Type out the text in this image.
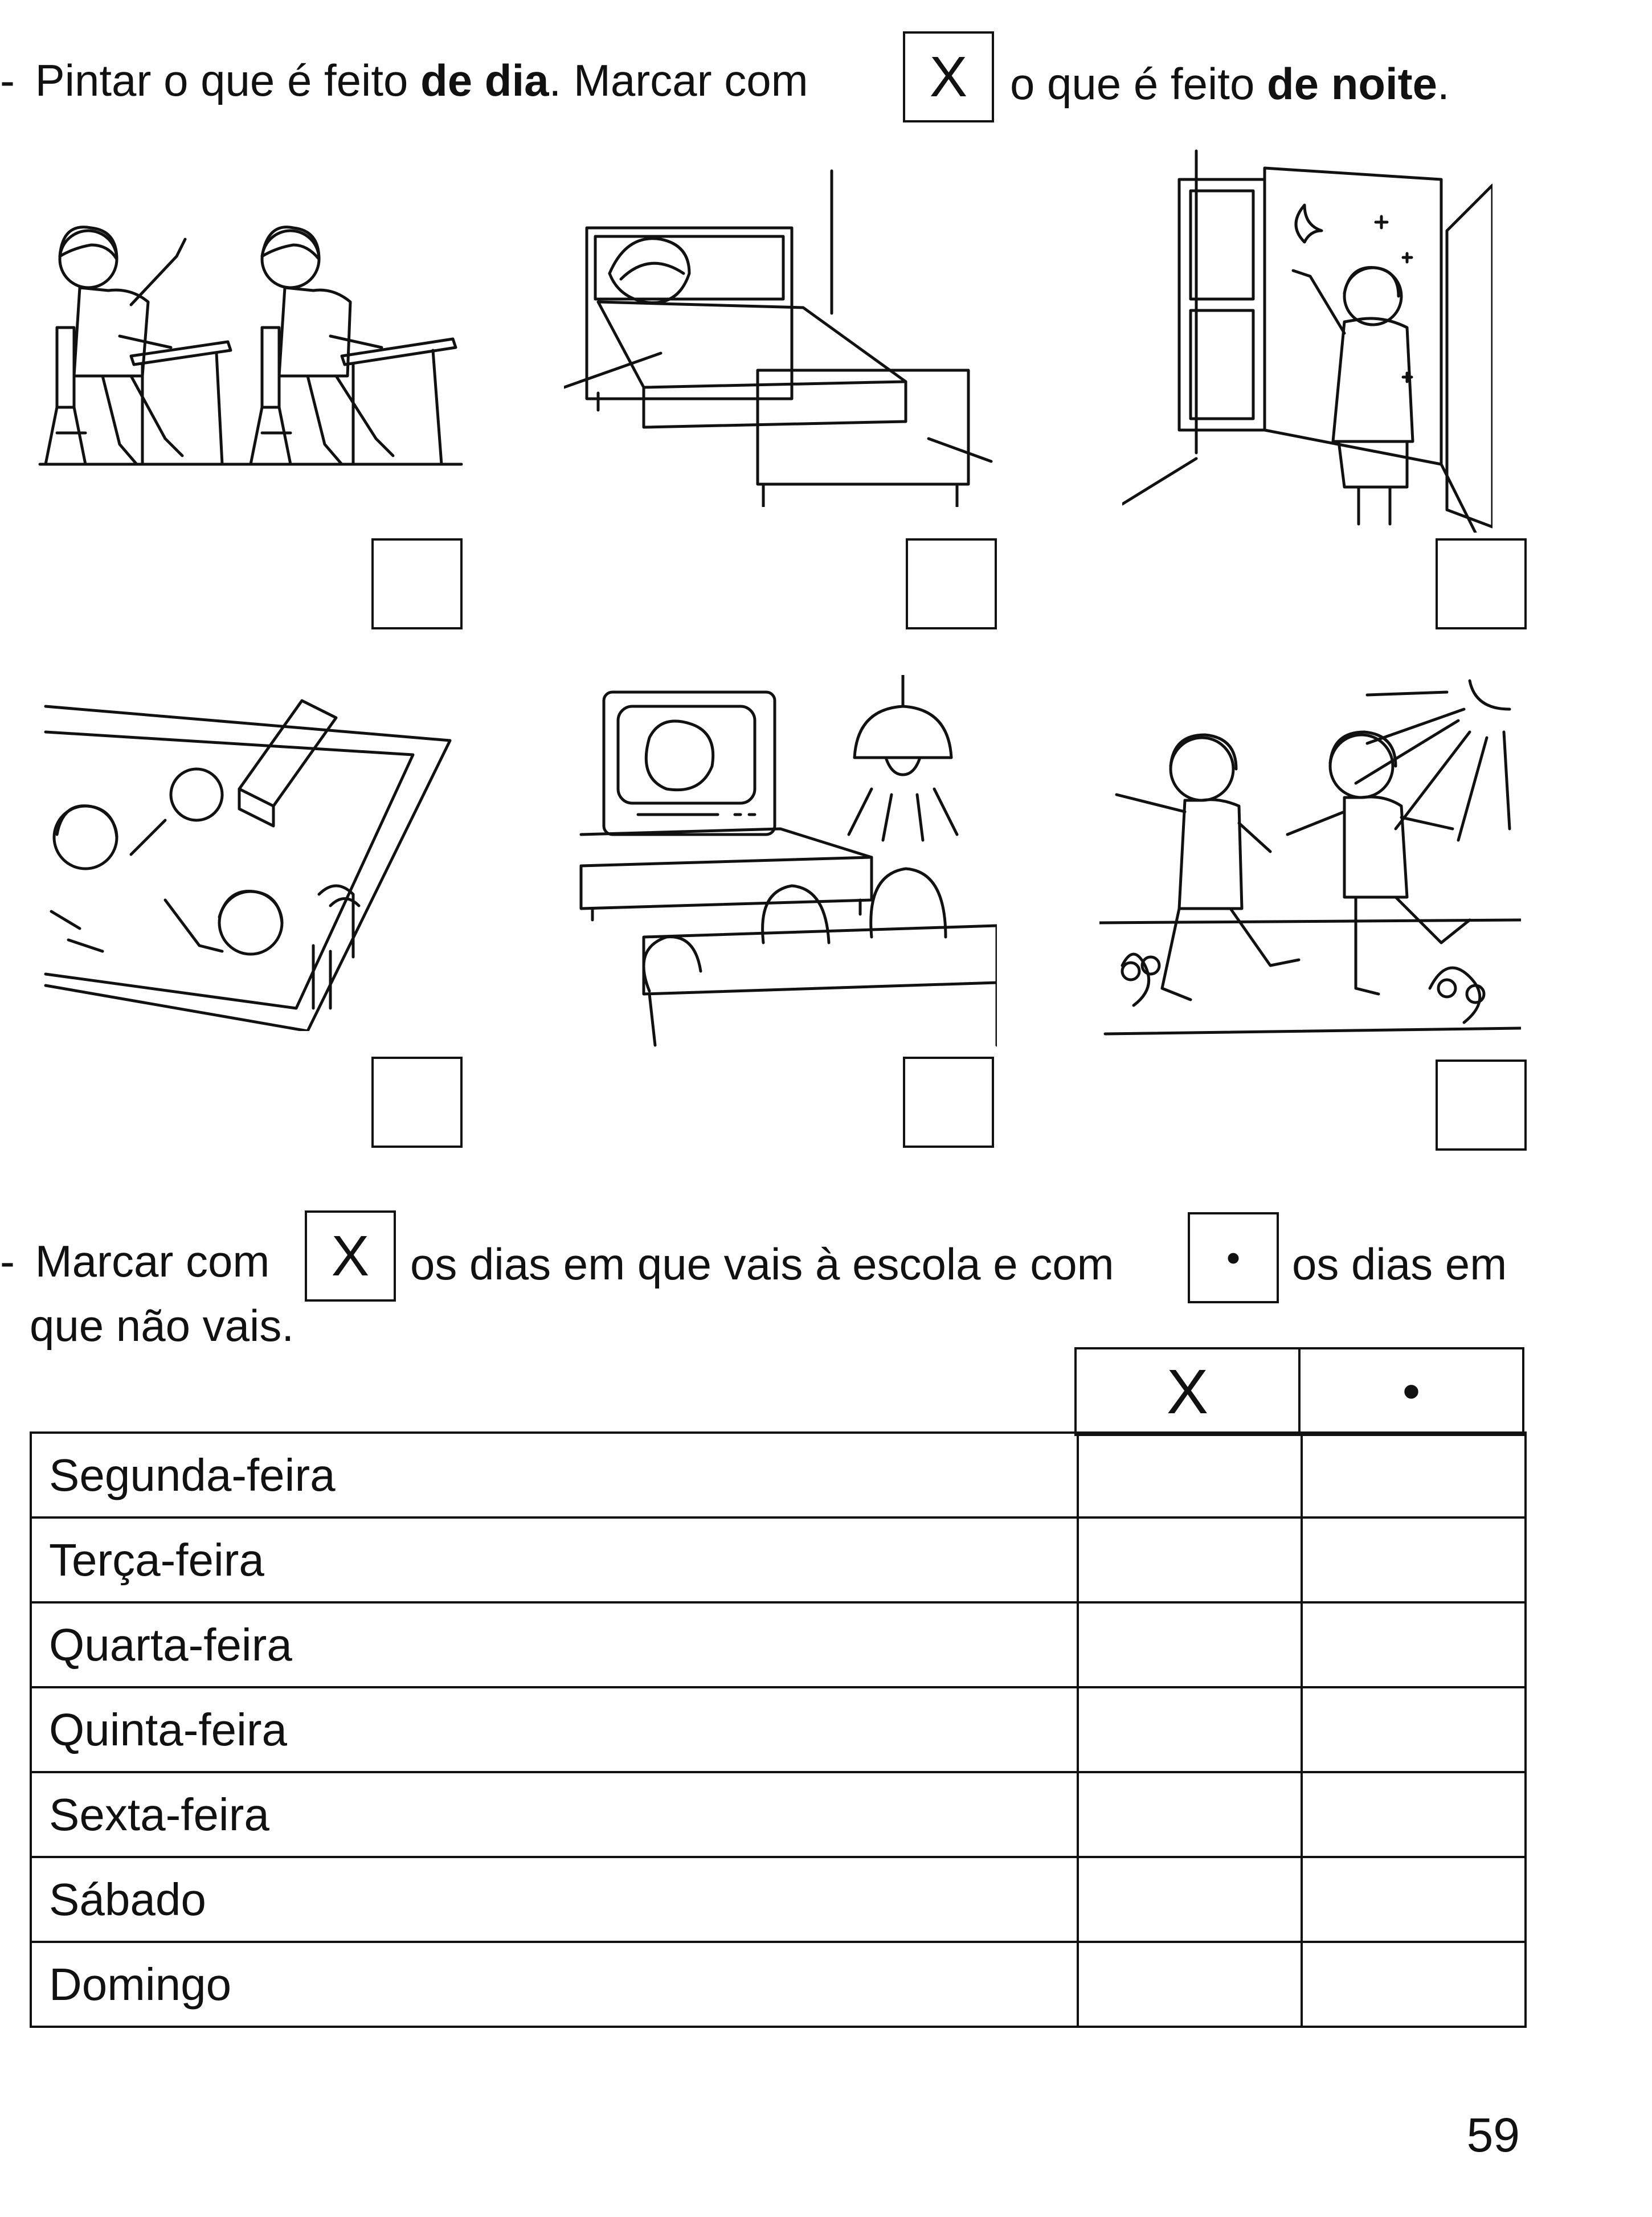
- Pintar o que é feito de dia. Marcar com X o que é feito de noite.
- Marcar com X os dias em que vais à escola e com	• os dias em
que não vais.
X	•
Segunda-feira		
Terça-feira		
Quarta-feira		
Quinta-feira		
Sexta-feira		
Sábado		
Domingo		
59
